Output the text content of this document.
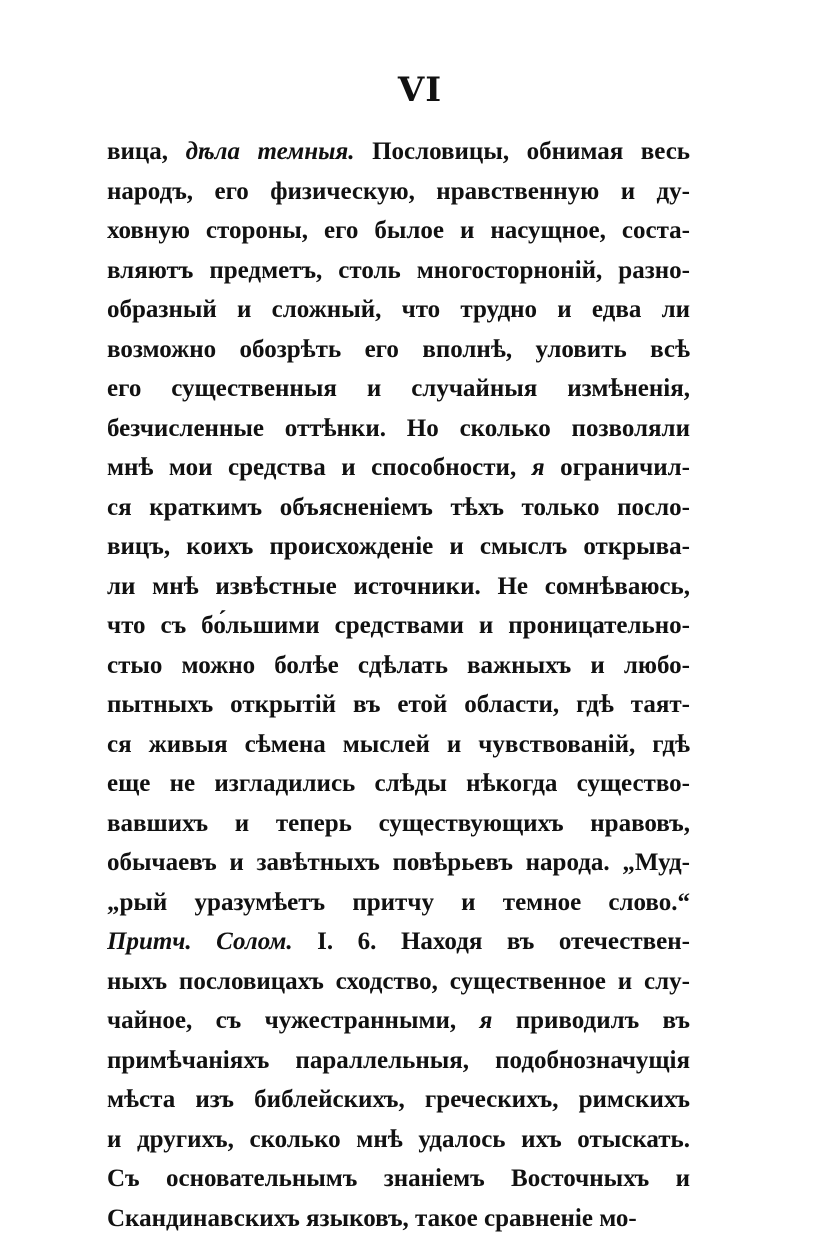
VI
вица, дѣла темныя. Пословицы, обнимая весь
народъ, его физическую, нравственную и ду-
ховную стороны, его былое и насущное, соста-
вляютъ предметъ, столь многосторноній, разно-
образный и сложный, что трудно и едва ли
возможно обозрѣть его вполнѣ, уловить всѣ
его существенныя и случайныя измѣненія,
безчисленные оттѣнки. Но сколько позволяли
мнѣ мои средства и способности, я ограничил-
ся краткимъ объясненіемъ тѣхъ только посло-
вицъ, коихъ происхожденіе и смыслъ открыва-
ли мнѣ извѣстные источники. Не сомнѣваюсь,
что съ бо́льшими средствами и проницательно-
стыо можно болѣе сдѣлать важныхъ и любо-
пытныхъ открытій въ етой области, гдѣ таят-
ся живыя сѣмена мыслей и чувствованій, гдѣ
еще не изгладились слѣды нѣкогда существо-
вавшихъ и теперь существующихъ нравовъ,
обычаевъ и завѣтныхъ повѣрьевъ народа. „Муд-
„рый уразумѣетъ притчу и темное слово.“
Притч. Солом. I. 6. Находя въ отечествен-
ныхъ пословицахъ сходство, существенное и слу-
чайное, съ чужестранными, я приводилъ въ
примѣчаніяхъ параллельныя, подобнозначущія
мѣста изъ библейскихъ, греческихъ, римскихъ
и другихъ, сколько мнѣ удалось ихъ отыскать.
Съ основательнымъ знаніемъ Восточныхъ и
Скандинавскихъ языковъ, такое сравненіе мо-
